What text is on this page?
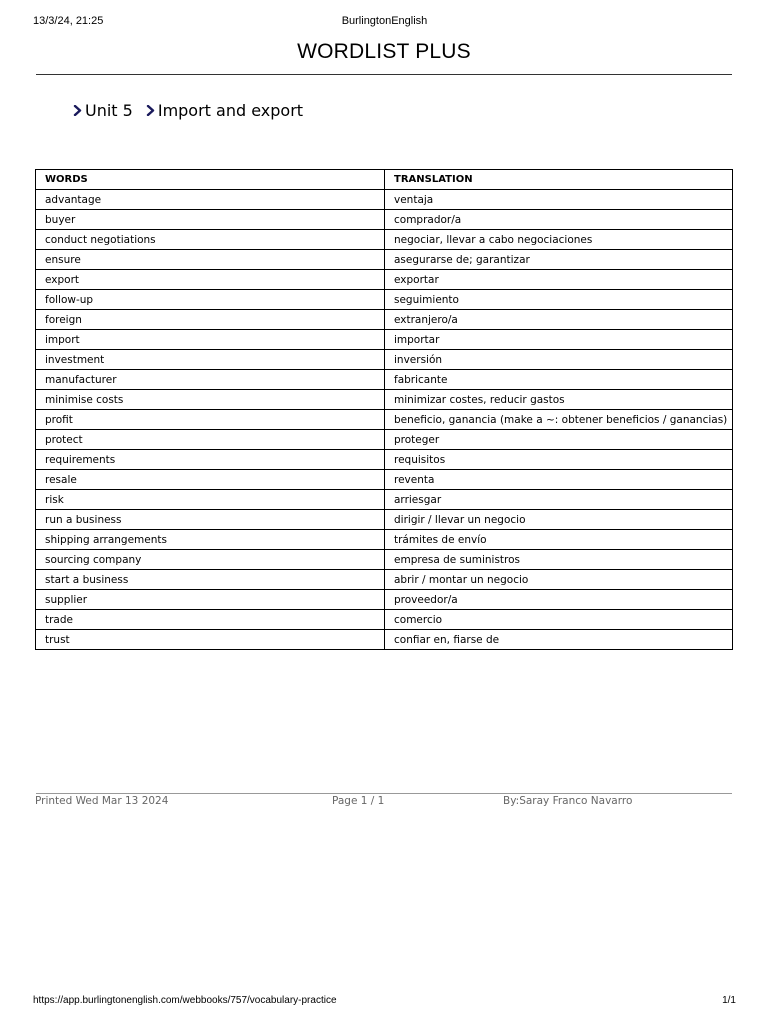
13/3/24, 21:25	BurlingtonEnglish
WORDLIST PLUS
Unit 5 Import and export
WORDS	TRANSLATION
advantage	ventaja
buyer	comprador/a
conduct negotiations	negociar, llevar a cabo negociaciones
ensure	asegurarse de; garantizar
export	exportar
follow-up	seguimiento
foreign	extranjero/a
import	importar
investment	inversión
manufacturer	fabricante
minimise costs	minimizar costes, reducir gastos
profit	beneficio, ganancia (make a ~: obtener beneficios / ganancias)
protect	proteger
requirements	requisitos
resale	reventa
risk	arriesgar
run a business	dirigir / llevar un negocio
shipping arrangements	trámites de envío
sourcing company	empresa de suministros
start a business	abrir / montar un negocio
supplier	proveedor/a
trade	comercio
trust	confiar en, fiarse de
Printed Wed Mar 13 2024	Page 1 / 1	By:Saray Franco Navarro
https://app.burlingtonenglish.com/webbooks/757/vocabulary-practice	1/1
